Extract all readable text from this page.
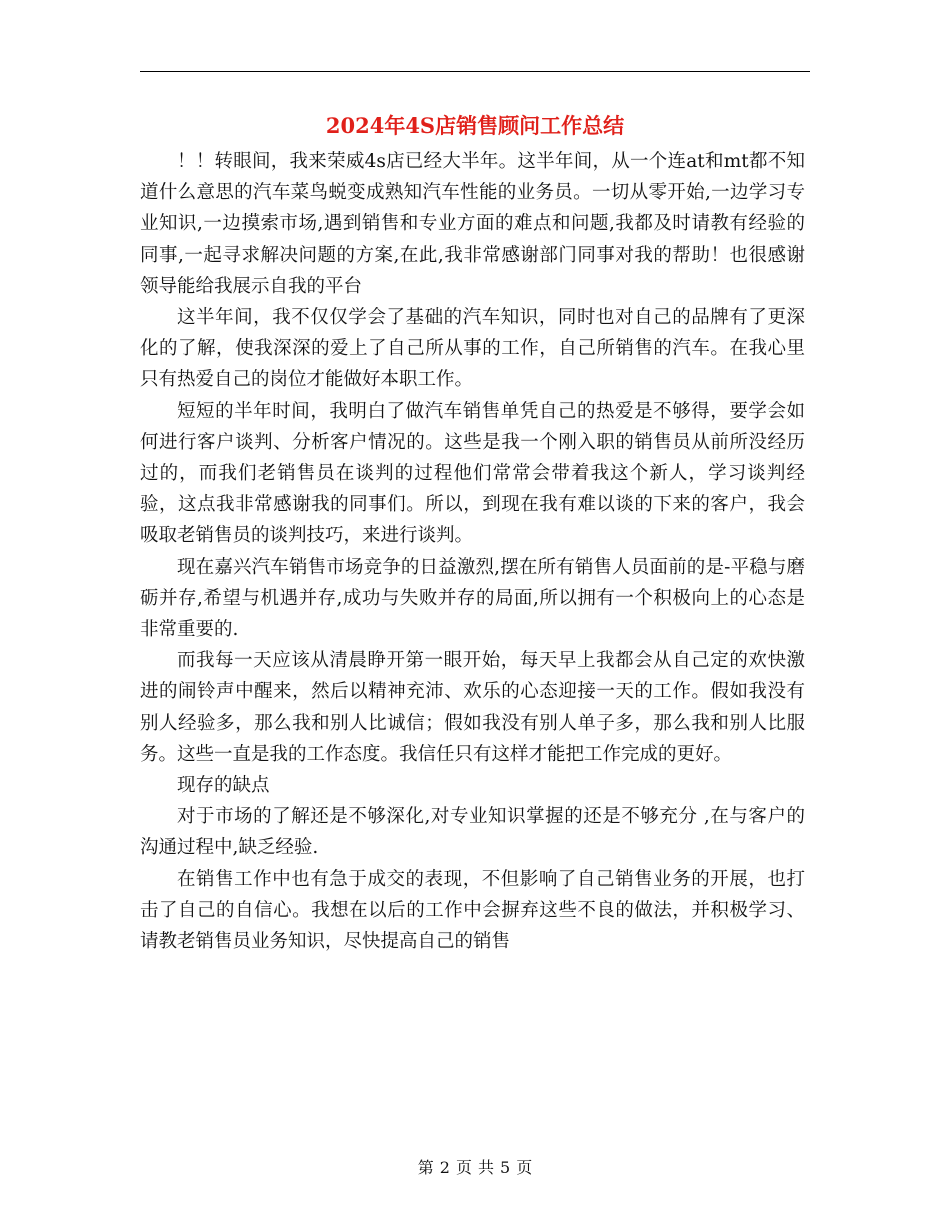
2024年4S店销售顾问工作总结

！！转眼间，我来荣威4s店已经大半年。这半年间，从一个连at和mt都不知道什么意思的汽车菜鸟蜕变成熟知汽车性能的业务员。一切从零开始,一边学习专业知识,一边摸索市场,遇到销售和专业方面的难点和问题,我都及时请教有经验的同事,一起寻求解决问题的方案,在此,我非常感谢部门同事对我的帮助！也很感谢领导能给我展示自我的平台

这半年间，我不仅仅学会了基础的汽车知识，同时也对自己的品牌有了更深化的了解，使我深深的爱上了自己所从事的工作，自己所销售的汽车。在我心里只有热爱自己的岗位才能做好本职工作。

短短的半年时间，我明白了做汽车销售单凭自己的热爱是不够得，要学会如何进行客户谈判、分析客户情况的。这些是我一个刚入职的销售员从前所没经历过的，而我们老销售员在谈判的过程他们常常会带着我这个新人，学习谈判经验，这点我非常感谢我的同事们。所以，到现在我有难以谈的下来的客户，我会吸取老销售员的谈判技巧，来进行谈判。

现在嘉兴汽车销售市场竞争的日益激烈,摆在所有销售人员面前的是-平稳与磨砺并存,希望与机遇并存,成功与失败并存的局面,所以拥有一个积极向上的心态是非常重要的.

而我每一天应该从清晨睁开第一眼开始，每天早上我都会从自己定的欢快激进的闹铃声中醒来，然后以精神充沛、欢乐的心态迎接一天的工作。假如我没有别人经验多，那么我和别人比诚信；假如我没有别人单子多，那么我和别人比服务。这些一直是我的工作态度。我信任只有这样才能把工作完成的更好。

现存的缺点

对于市场的了解还是不够深化,对专业知识掌握的还是不够充分 ,在与客户的沟通过程中,缺乏经验.

在销售工作中也有急于成交的表现，不但影响了自己销售业务的开展，也打击了自己的自信心。我想在以后的工作中会摒弃这些不良的做法，并积极学习、请教老销售员业务知识，尽快提高自己的销售

第 2 页 共 5 页
